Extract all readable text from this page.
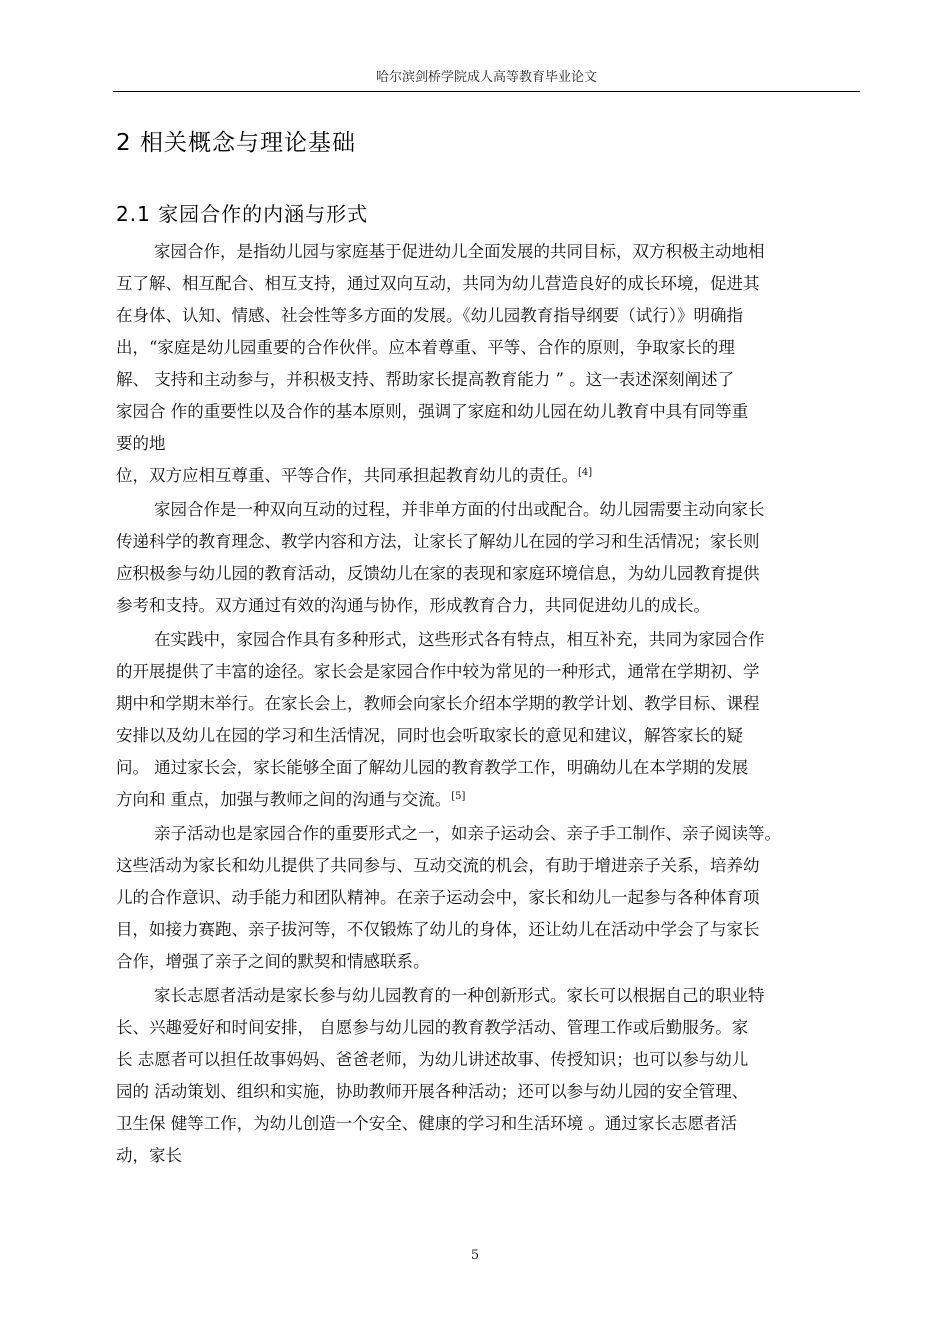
哈尔滨剑桥学院成人高等教育毕业论文
2 相关概念与理论基础
2.1 家园合作的内涵与形式
家园合作，是指幼儿园与家庭基于促进幼儿全面发展的共同目标，双方积极主动地相
互了解、相互配合、相互支持，通过双向互动，共同为幼儿营造良好的成长环境，促进其
在身体、认知、情感、社会性等多方面的发展。《幼儿园教育指导纲要（试行）》明确指
出，“家庭是幼儿园重要的合作伙伴。应本着尊重、平等、合作的原则，争取家长的理
解、 支持和主动参与，并积极支持、帮助家长提高教育能力 ” 。这一表述深刻阐述了
家园合 作的重要性以及合作的基本原则，强调了家庭和幼儿园在幼儿教育中具有同等重
要的地
位，双方应相互尊重、平等合作，共同承担起教育幼儿的责任。[4]
家园合作是一种双向互动的过程，并非单方面的付出或配合。幼儿园需要主动向家长
传递科学的教育理念、教学内容和方法，让家长了解幼儿在园的学习和生活情况；家长则
应积极参与幼儿园的教育活动，反馈幼儿在家的表现和家庭环境信息，为幼儿园教育提供
参考和支持。双方通过有效的沟通与协作，形成教育合力，共同促进幼儿的成长。
在实践中，家园合作具有多种形式，这些形式各有特点，相互补充，共同为家园合作
的开展提供了丰富的途径。家长会是家园合作中较为常见的一种形式，通常在学期初、学
期中和学期末举行。在家长会上，教师会向家长介绍本学期的教学计划、教学目标、课程
安排以及幼儿在园的学习和生活情况，同时也会听取家长的意见和建议，解答家长的疑
问。 通过家长会，家长能够全面了解幼儿园的教育教学工作，明确幼儿在本学期的发展
方向和 重点，加强与教师之间的沟通与交流。[5]
亲子活动也是家园合作的重要形式之一，如亲子运动会、亲子手工制作、亲子阅读等。
这些活动为家长和幼儿提供了共同参与、互动交流的机会，有助于增进亲子关系，培养幼
儿的合作意识、动手能力和团队精神。在亲子运动会中，家长和幼儿一起参与各种体育项
目，如接力赛跑、亲子拔河等，不仅锻炼了幼儿的身体，还让幼儿在活动中学会了与家长
合作，增强了亲子之间的默契和情感联系。
家长志愿者活动是家长参与幼儿园教育的一种创新形式。家长可以根据自己的职业特
长、兴趣爱好和时间安排， 自愿参与幼儿园的教育教学活动、管理工作或后勤服务。家
长 志愿者可以担任故事妈妈、爸爸老师，为幼儿讲述故事、传授知识；也可以参与幼儿
园的 活动策划、组织和实施，协助教师开展各种活动；还可以参与幼儿园的安全管理、
卫生保 健等工作，为幼儿创造一个安全、健康的学习和生活环境 。通过家长志愿者活
动，家长
5
